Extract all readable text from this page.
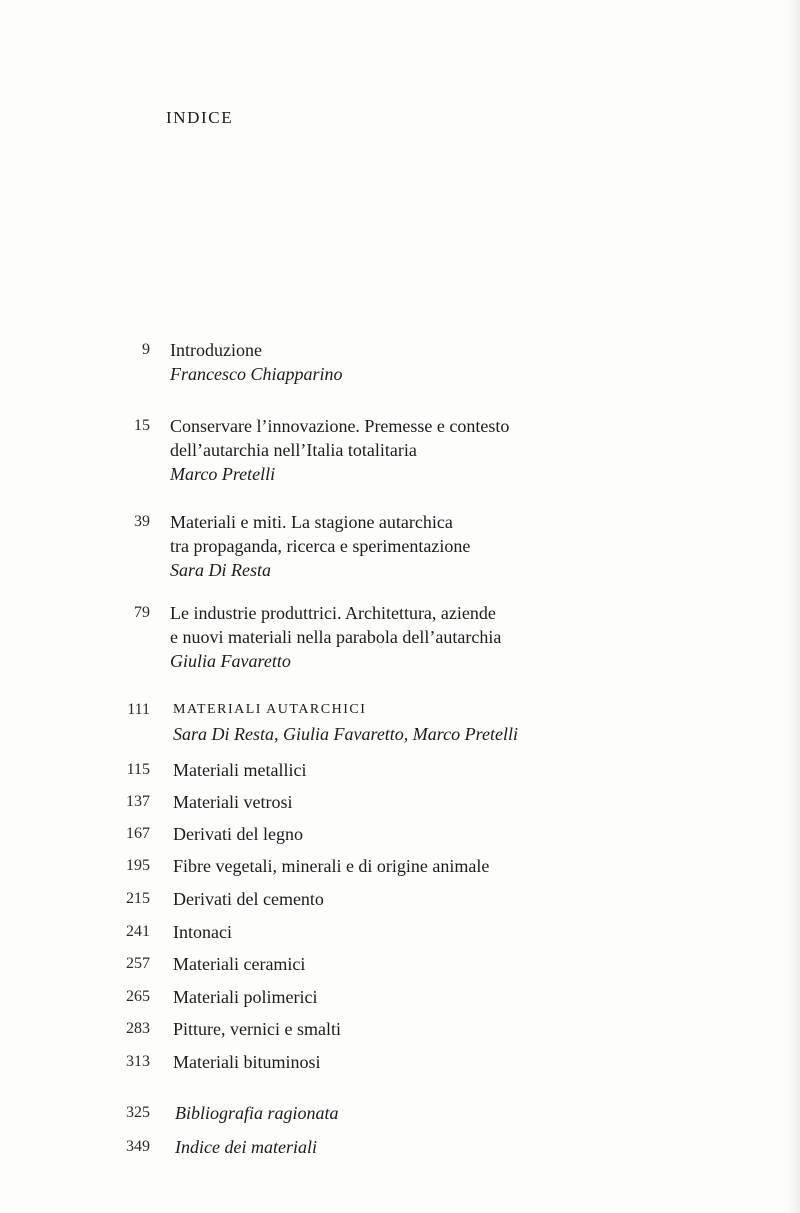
INDICE
9 Introduzione
Francesco Chiapparino
15 Conservare l’innovazione. Premesse e contesto
dell’autarchia nell’Italia totalitaria
Marco Pretelli
39 Materiali e miti. La stagione autarchica
tra propaganda, ricerca e sperimentazione
Sara Di Resta
79 Le industrie produttrici. Architettura, aziende
e nuovi materiali nella parabola dell’autarchia
Giulia Favaretto
111 MATERIALI AUTARCHICI
Sara Di Resta, Giulia Favaretto, Marco Pretelli
115 Materiali metallici
137 Materiali vetrosi
167 Derivati del legno
195 Fibre vegetali, minerali e di origine animale
215 Derivati del cemento
241 Intonaci
257 Materiali ceramici
265 Materiali polimerici
283 Pitture, vernici e smalti
313 Materiali bituminosi
325 Bibliografia ragionata
349 Indice dei materiali
